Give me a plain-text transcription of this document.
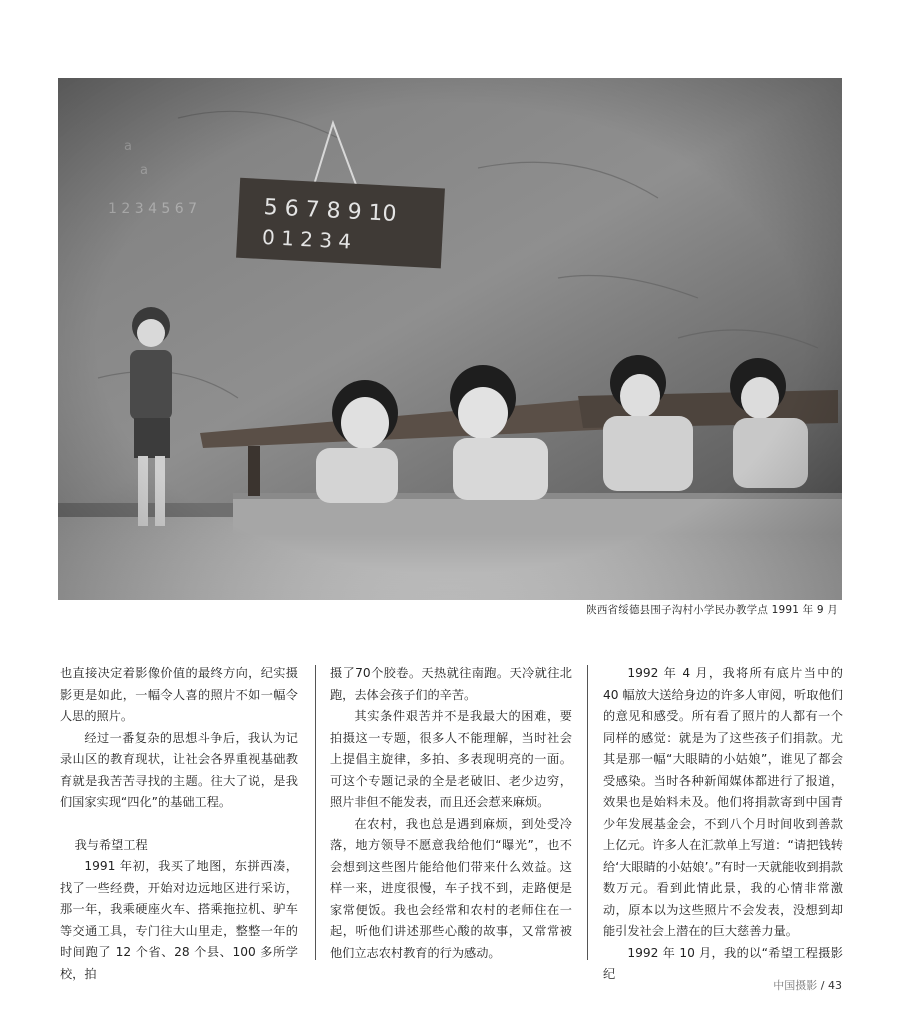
陕西省绥德县围子沟村小学民办教学点 1991 年 9 月

也直接决定着影像价值的最终方向，纪实摄影更是如此，一幅令人喜的照片不如一幅令人思的照片。

经过一番复杂的思想斗争后，我认为记录山区的教育现状，让社会各界重视基础教育就是我苦苦寻找的主题。往大了说，是我们国家实现“四化”的基础工程。

我与希望工程

1991 年初，我买了地图，东拼西凑，找了一些经费，开始对边远地区进行采访，那一年，我乘硬座火车、搭乘拖拉机、驴车等交通工具，专门往大山里走，整整一年的时间跑了 12 个省、28 个县、100 多所学校，拍

摄了70个胶卷。天热就往南跑。天冷就往北跑，去体会孩子们的辛苦。

其实条件艰苦并不是我最大的困难，要拍摄这一专题，很多人不能理解，当时社会上提倡主旋律，多拍、多表现明亮的一面。可这个专题记录的全是老破旧、老少边穷，照片非但不能发表，而且还会惹来麻烦。

在农村，我也总是遇到麻烦，到处受冷落，地方领导不愿意我给他们“曝光”，也不会想到这些图片能给他们带来什么效益。这样一来，进度很慢，车子找不到，走路便是家常便饭。我也会经常和农村的老师住在一起，听他们讲述那些心酸的故事，又常常被他们立志农村教育的行为感动。

1992 年 4 月，我将所有底片当中的 40 幅放大送给身边的许多人审阅，听取他们的意见和感受。所有看了照片的人都有一个同样的感觉：就是为了这些孩子们捐款。尤其是那一幅“大眼睛的小姑娘”，谁见了都会受感染。当时各种新闻媒体都进行了报道，效果也是始料未及。他们将捐款寄到中国青少年发展基金会，不到八个月时间收到善款上亿元。许多人在汇款单上写道：“请把钱转给‘大眼睛的小姑娘’。”有时一天就能收到捐款数万元。看到此情此景，我的心情非常激动，原本以为这些照片不会发表，没想到却能引发社会上潜在的巨大慈善力量。

1992 年 10 月，我的以“希望工程摄影纪

中国摄影 / 43
